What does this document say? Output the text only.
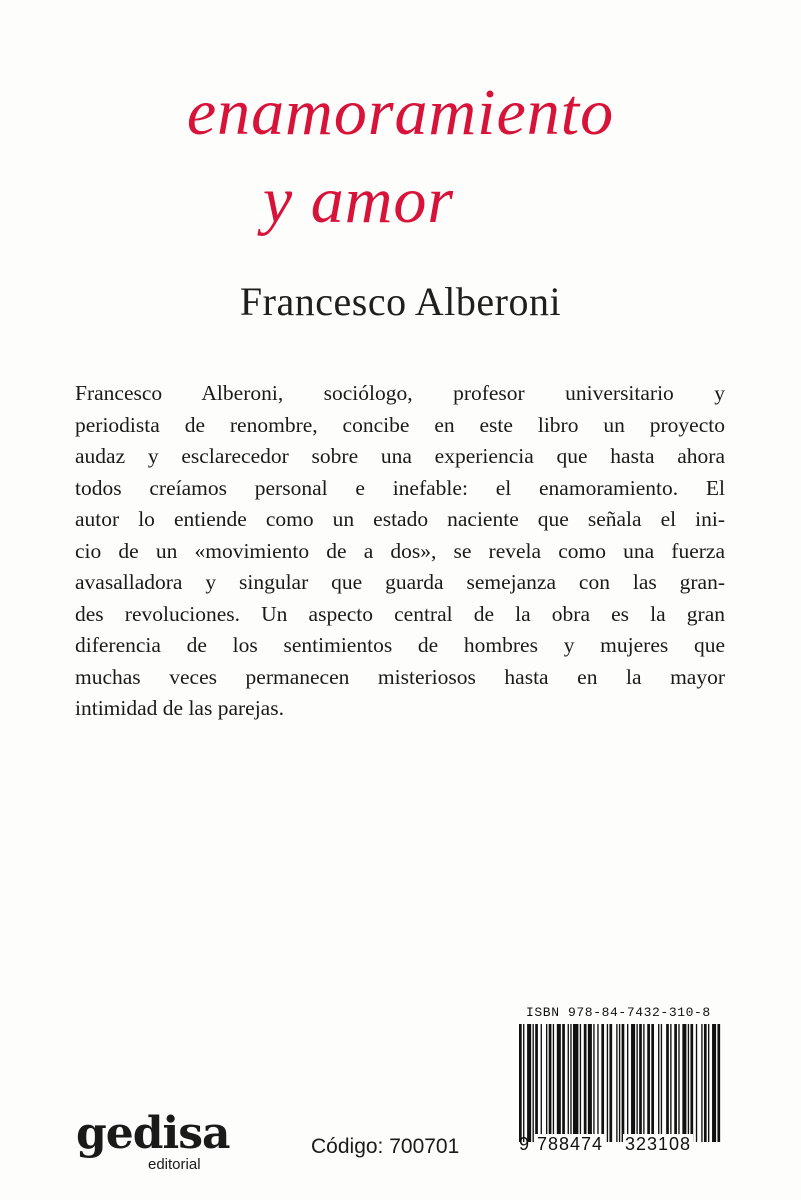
enamoramiento
y amor
Francesco Alberoni
Francesco Alberoni, sociólogo, profesor universitario y
periodista de renombre, concibe en este libro un proyecto
audaz y esclarecedor sobre una experiencia que hasta ahora
todos creíamos personal e inefable: el enamoramiento. El
autor lo entiende como un estado naciente que señala el ini-
cio de un «movimiento de a dos», se revela como una fuerza
avasalladora y singular que guarda semejanza con las gran-
des revoluciones. Un aspecto central de la obra es la gran
diferencia de los sentimientos de hombres y mujeres que
muchas veces permanecen misteriosos hasta en la mayor
intimidad de las parejas.
ISBN 978-84-7432-310-8
9 788474 323108
gedisa
editorial
Código: 700701
